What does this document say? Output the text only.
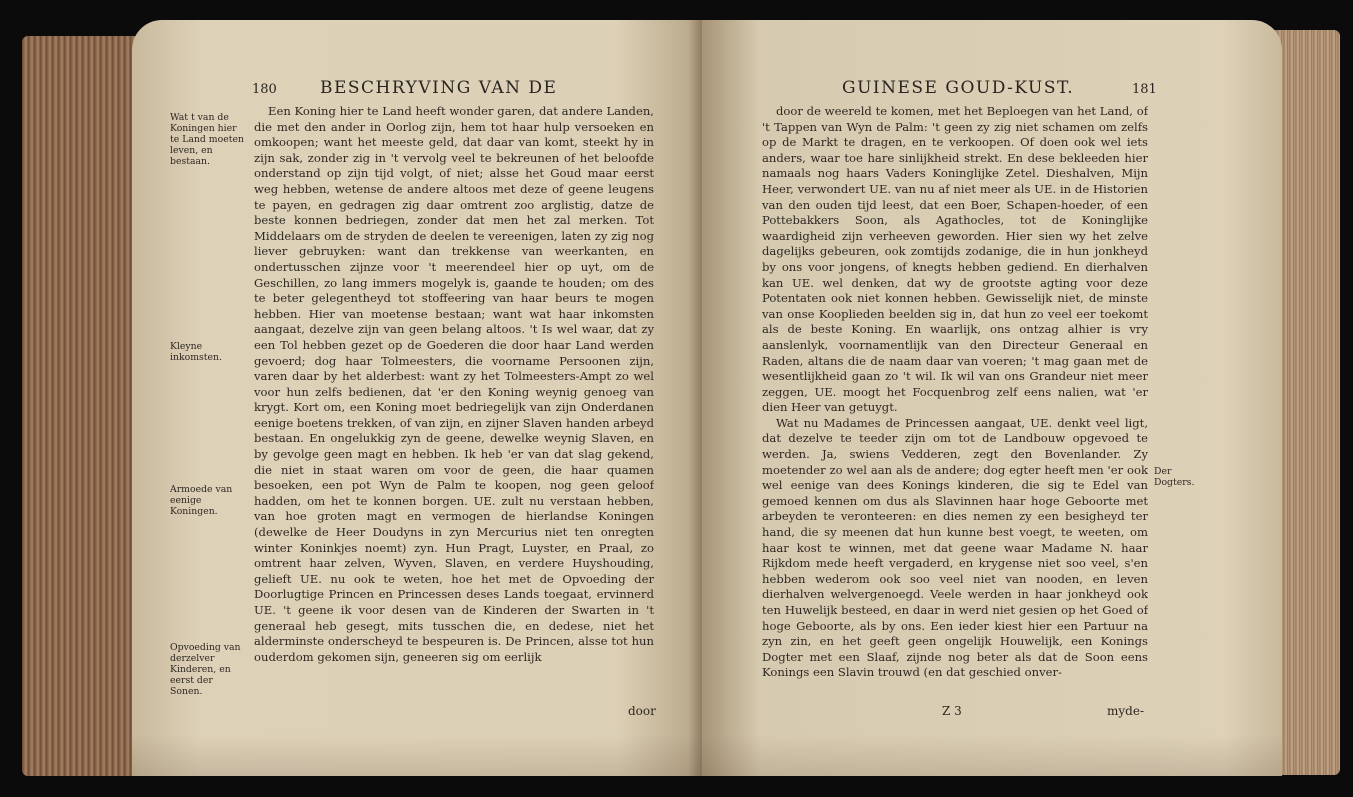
180	BESCHRYVING VAN DE
Wat t van de Koningen hier te Land moeten leven, en bestaan.
Kleyne inkomsten.
Armoede van eenige Koningen.
Opvoeding van derzelver Kinderen, en eerst der Sonen.

Een Koning hier te Land heeft wonder garen, dat andere Landen, die met den ander in Oorlog zijn, hem tot haar hulp versoeken en omkoopen; want het meeste geld, dat daar van komt, steekt hy in zijn sak, zonder zig in 't vervolg veel te bekreunen of het beloofde onderstand op zijn tijd volgt, of niet; alsse het Goud maar eerst weg hebben, wetense de andere altoos met deze of geene leugens te payen, en gedragen zig daar omtrent zoo arglistig, datze de beste konnen bedriegen, zonder dat men het zal merken. Tot Middelaars om de stryden de deelen te vereenigen, laten zy zig nog liever gebruyken: want dan trekkense van weerkanten, en ondertusschen zijnze voor 't meerendeel hier op uyt, om de Geschillen, zo lang immers mogelyk is, gaande te houden; om des te beter gelegentheyd tot stoffeering van haar beurs te mogen hebben. Hier van moetense bestaan; want wat haar inkomsten aangaat, dezelve zijn van geen belang altoos. 't Is wel waar, dat zy een Tol hebben gezet op de Goederen die door haar Land werden gevoerd; dog haar Tolmeesters, die voorname Persoonen zijn, varen daar by het alderbest: want zy het Tolmeesters-Ampt zo wel voor hun zelfs bedienen, dat 'er den Koning weynig genoeg van krygt. Kort om, een Koning moet bedriegelijk van zijn Onderdanen eenige boetens trekken, of van zijn, en zijner Slaven handen arbeyd bestaan. En ongelukkig zyn de geene, dewelke weynig Slaven, en by gevolge geen magt en hebben. Ik heb 'er van dat slag gekend, die niet in staat waren om voor de geen, die haar quamen besoeken, een pot Wyn de Palm te koopen, nog geen geloof hadden, om het te konnen borgen. UE. zult nu verstaan hebben, van hoe groten magt en vermogen de hierlandse Koningen (dewelke de Heer Doudyns in zyn Mercurius niet ten onregten winter Koninkjes noemt) zyn. Hun Pragt, Luyster, en Praal, zo omtrent haar zelven, Wyven, Slaven, en verdere Huyshouding, gelieft UE. nu ook te weten, hoe het met de Opvoeding der Doorlugtige Princen en Princessen deses Lands toegaat, ervinnerd UE. 't geene ik voor desen van de Kinderen der Swarten in 't generaal heb gesegt, mits tusschen die, en dedese, niet het alderminste onderscheyd te bespeuren is. De Princen, alsse tot hun ouderdom gekomen sijn, geneeren sig om eerlijk

door
GUINESE GOUD-KUST.	181

door de weereld te komen, met het Beploegen van het Land, of 't Tappen van Wyn de Palm: 't geen zy zig niet schamen om zelfs op de Markt te dragen, en te verkoopen. Of doen ook wel iets anders, waar toe hare sinlijkheid strekt. En dese bekleeden hier namaals nog haars Vaders Koninglijke Zetel. Dieshalven, Mijn Heer, verwondert UE. van nu af niet meer als UE. in de Historien van den ouden tijd leest, dat een Boer, Schapen-hoeder, of een Pottebakkers Soon, als Agathocles, tot de Koninglijke waardigheid zijn verheeven geworden. Hier sien wy het zelve dagelijks gebeuren, ook zomtijds zodanige, die in hun jonkheyd by ons voor jongens, of knegts hebben gediend. En dierhalven kan UE. wel denken, dat wy de grootste agting voor deze Potentaten ook niet konnen hebben. Gewisselijk niet, de minste van onse Kooplieden beelden sig in, dat hun zo veel eer toekomt als de beste Koning. En waarlijk, ons ontzag alhier is vry aanslenlyk, voornamentlijk van den Directeur Generaal en Raden, altans die de naam daar van voeren; 't mag gaan met de wesentlijkheid gaan zo 't wil. Ik wil van ons Grandeur niet meer zeggen, UE. moogt het Focquenbrog zelf eens nalien, wat 'er dien Heer van getuygt.

Wat nu Madames de Princessen aangaat, UE. denkt veel ligt, dat dezelve te teeder zijn om tot de Landbouw opgevoed te werden. Ja, swiens Vedderen, zegt den Bovenlander. Zy moetender zo wel aan als de andere; dog egter heeft men 'er ook wel eenige van dees Konings kinderen, die sig te Edel van gemoed kennen om dus als Slavinnen haar hoge Geboorte met arbeyden te veronteeren: en dies nemen zy een besigheyd ter hand, die sy meenen dat hun kunne best voegt, te weeten, om haar kost te winnen, met dat geene waar Madame N. haar Rijkdom mede heeft vergaderd, en krygense niet soo veel, s'en hebben wederom ook soo veel niet van nooden, en leven dierhalven welvergenoegd. Veele werden in haar jonkheyd ook ten Huwelijk besteed, en daar in werd niet gesien op het Goed of hoge Geboorte, als by ons. Een ieder kiest hier een Partuur na zyn zin, en het geeft geen ongelijk Houwelijk, een Konings Dogter met een Slaaf, zijnde nog beter als dat de Soon eens Konings een Slavin trouwd (en dat geschied onver-

Der Dogters.
Z 3	myde-
